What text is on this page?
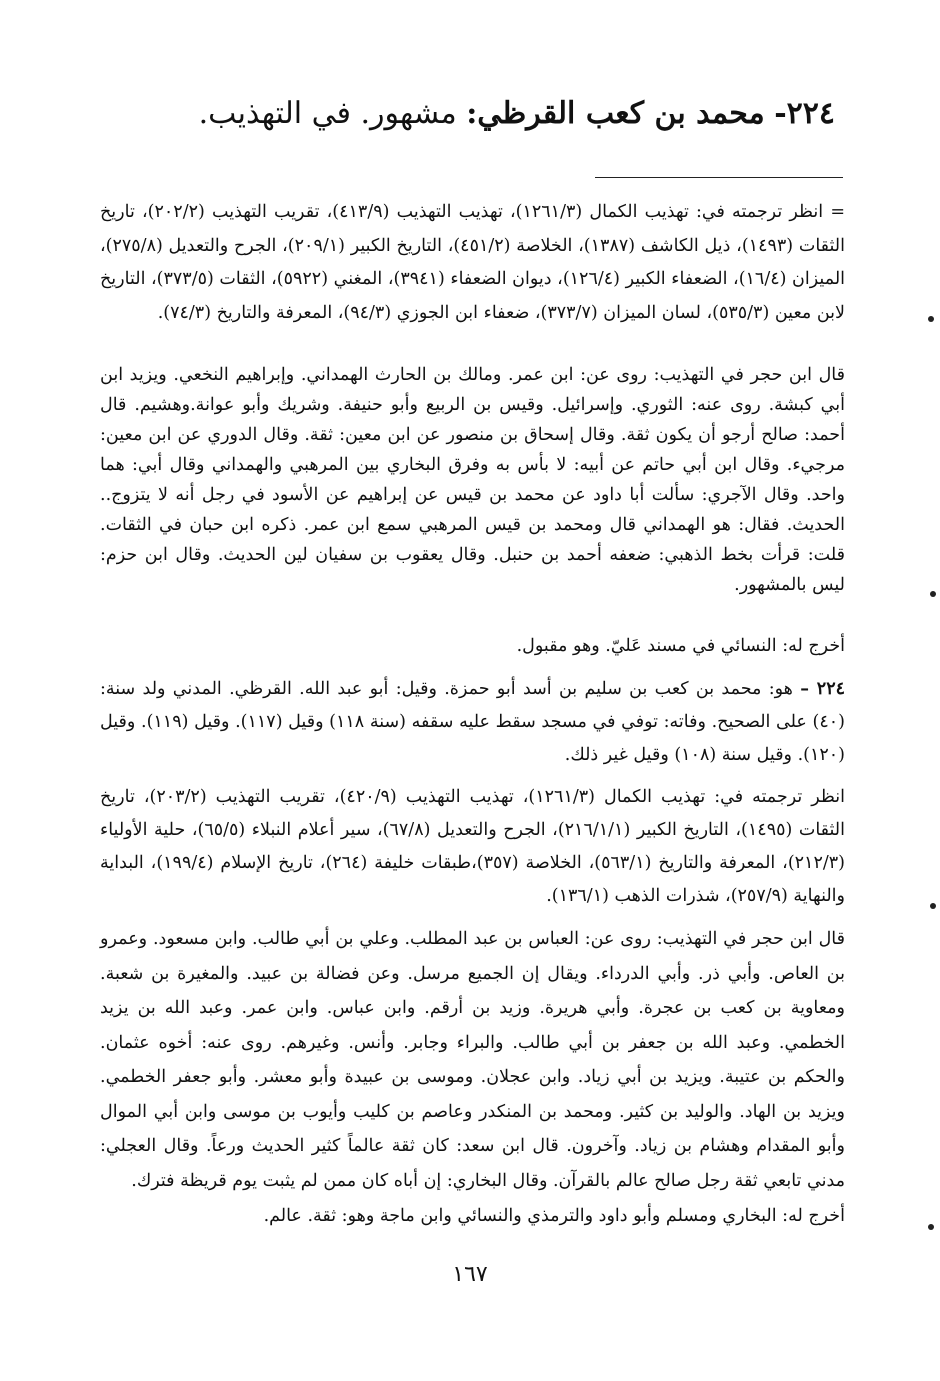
٢٢٤- محمد بن كعب القرظي: مشهور. في التهذيب.
= انظر ترجمته في: تهذيب الكمال (١٢٦١/٣)، تهذيب التهذيب (٤١٣/٩)، تقريب التهذيب (٢٠٢/٢)، تاريخ الثقات (١٤٩٣)، ذيل الكاشف (١٣٨٧)، الخلاصة (٤٥١/٢)، التاريخ الكبير (٢٠٩/١)، الجرح والتعديل (٢٧٥/٨)، الميزان (١٦/٤)، الضعفاء الكبير (١٢٦/٤)، ديوان الضعفاء (٣٩٤١)، المغني (٥٩٢٢)، الثقات (٣٧٣/٥)، التاريخ لابن معين (٥٣٥/٣)، لسان الميزان (٣٧٣/٧)، ضعفاء ابن الجوزي (٩٤/٣)، المعرفة والتاريخ (٧٤/٣).
قال ابن حجر في التهذيب: روى عن: ابن عمر. ومالك بن الحارث الهمداني. وإبراهيم النخعي. ويزيد ابن أبي كبشة. روى عنه: الثوري. وإسرائيل. وقيس بن الربيع وأبو حنيفة. وشريك وأبو عوانة.وهشيم. قال أحمد: صالح أرجو أن يكون ثقة. وقال إسحاق بن منصور عن ابن معين: ثقة. وقال الدوري عن ابن معين: مرجيء. وقال ابن أبي حاتم عن أبيه: لا بأس به وفرق البخاري بين المرهبي والهمداني وقال أبي: هما واحد. وقال الآجري: سألت أبا داود عن محمد بن قيس عن إبراهيم عن الأسود في رجل أنه لا يتزوج.. الحديث. فقال: هو الهمداني قال ومحمد بن قيس المرهبي سمع ابن عمر. ذكره ابن حبان في الثقات. قلت: قرأت بخط الذهبي: ضعفه أحمد بن حنبل. وقال يعقوب بن سفيان لين الحديث. وقال ابن حزم: ليس بالمشهور.
أخرج له: النسائي في مسند عَليّ. وهو مقبول.
٢٢٤ – هو: محمد بن كعب بن سليم بن أسد أبو حمزة. وقيل: أبو عبد الله. القرظي. المدني ولد سنة: (٤٠) على الصحيح. وفاته: توفي في مسجد سقط عليه سقفه (سنة ١١٨) وقيل (١١٧). وقيل (١١٩). وقيل (١٢٠). وقيل سنة (١٠٨) وقيل غير ذلك.
انظر ترجمته في: تهذيب الكمال (١٢٦١/٣)، تهذيب التهذيب (٤٢٠/٩)، تقريب التهذيب (٢٠٣/٢)، تاريخ الثقات (١٤٩٥)، التاريخ الكبير (٢١٦/١/١)، الجرح والتعديل (٦٧/٨)، سير أعلام النبلاء (٦٥/٥)، حلية الأولياء (٢١٢/٣)، المعرفة والتاريخ (٥٦٣/١)، الخلاصة (٣٥٧)،طبقات خليفة (٢٦٤)، تاريخ الإسلام (١٩٩/٤)، البداية والنهاية (٢٥٧/٩)، شذرات الذهب (١٣٦/١).
قال ابن حجر في التهذيب: روى عن: العباس بن عبد المطلب. وعلي بن أبي طالب. وابن مسعود. وعمرو بن العاص. وأبي ذر. وأبي الدرداء. ويقال إن الجميع مرسل. وعن فضالة بن عبيد. والمغيرة بن شعبة. ومعاوية بن كعب بن عجرة. وأبي هريرة. وزيد بن أرقم. وابن عباس. وابن عمر. وعبد الله بن يزيد الخطمي. وعبد الله بن جعفر بن أبي طالب. والبراء وجابر. وأنس. وغيرهم. روى عنه: أخوه عثمان. والحكم بن عتيبة. ويزيد بن أبي زياد. وابن عجلان. وموسى بن عبيدة وأبو معشر. وأبو جعفر الخطمي. ويزيد بن الهاد. والوليد بن كثير. ومحمد بن المنكدر وعاصم بن كليب وأيوب بن موسى وابن أبي الموال وأبو المقدام وهشام بن زياد. وآخرون. قال ابن سعد: كان ثقة عالماً كثير الحديث ورعاً. وقال العجلي: مدني تابعي ثقة رجل صالح عالم بالقرآن. وقال البخاري: إن أباه كان ممن لم يثبت يوم قريظة فترك.
أخرج له: البخاري ومسلم وأبو داود والترمذي والنسائي وابن ماجة وهو: ثقة. عالم.
١٦٧
